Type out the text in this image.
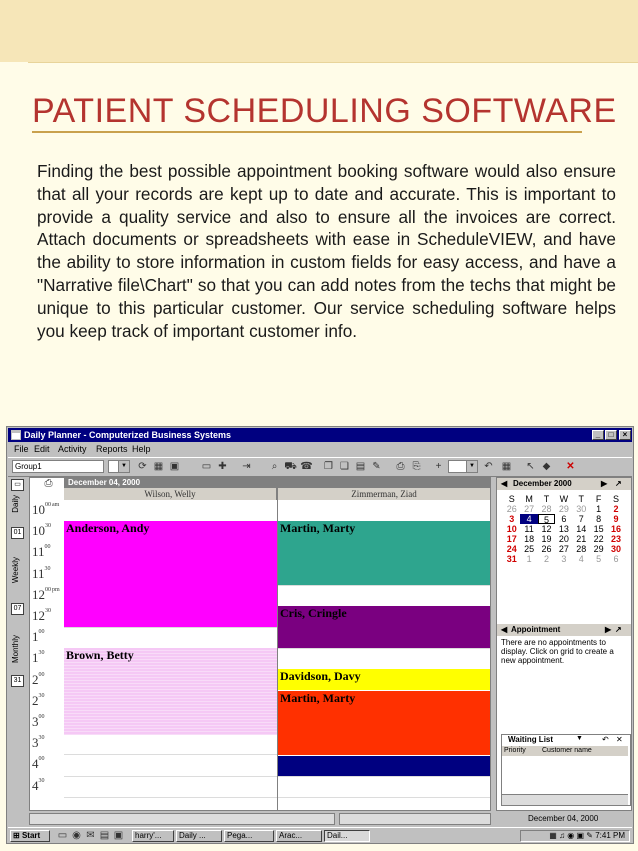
PATIENT SCHEDULING SOFTWARE
Finding the best possible appointment booking software would also ensure that all your records are kept up to date and accurate. This is important to provide a quality service and also to ensure all the invoices are correct. Attach documents or spreadsheets with ease in ScheduleVIEW, and have the ability to store information in custom fields for easy access, and have a "Narrative file\Chart" so that you can add notes from the techs that might be unique to this particular customer. Our service scheduling software helps you keep track of important customer info.
Daily Planner - Computerized Business Systems	_	□	×
File Edit Activity Reports Help
Group1	▼ ⟳ ▦ ▣ ▭ ✚ ⇥	⌕ ⛟ ☎ ❐ ❏ ▤ ✎ ⎙ ⎘	+	▼ ↶ ▦ ↖ ◆ ✕
▭
Daily
01
Weekly
07
Monthly
31
⎙	December 04, 2000
Wilson, Welly	Zimmerman, Ziad
$10^{00am}$
$10^{30}$
$11^{00}$
$11^{30}$
$12^{00pm}$
$12^{30}$
$1^{00}$
$1^{30}$
$2^{00}$
$2^{30}$
$3^{00}$
$3^{30}$
$4^{00}$
$4^{30}$
Anderson, Andy
Brown, Betty
Martin, Marty
Cris, Cringle
Davidson, Davy
Martin, Marty
◀ December 2000	▶ ↗
S	M	T	W	T	F	S
26 27 28 29 30	1	2
3	4	5	6	7	8	9
10 11 12 13 14 15 16
17 18 19 20 21 22 23
24 25 26 27 28 29 30
31	1	2	3	4	5	6
◀ Appointment	▶ ↗
There are no appointments to display. Click on grid to create a new appointment.
Waiting List	▼ ↶ ✕
Priority Customer name
December 04, 2000
⊞ Start	▭ ◉ ✉ ▤ ▣	harry'...	Daily ...	Pega...	Arac...	Dail...	▦ ♫ ◉ ▣ ✎ 7:41 PM
